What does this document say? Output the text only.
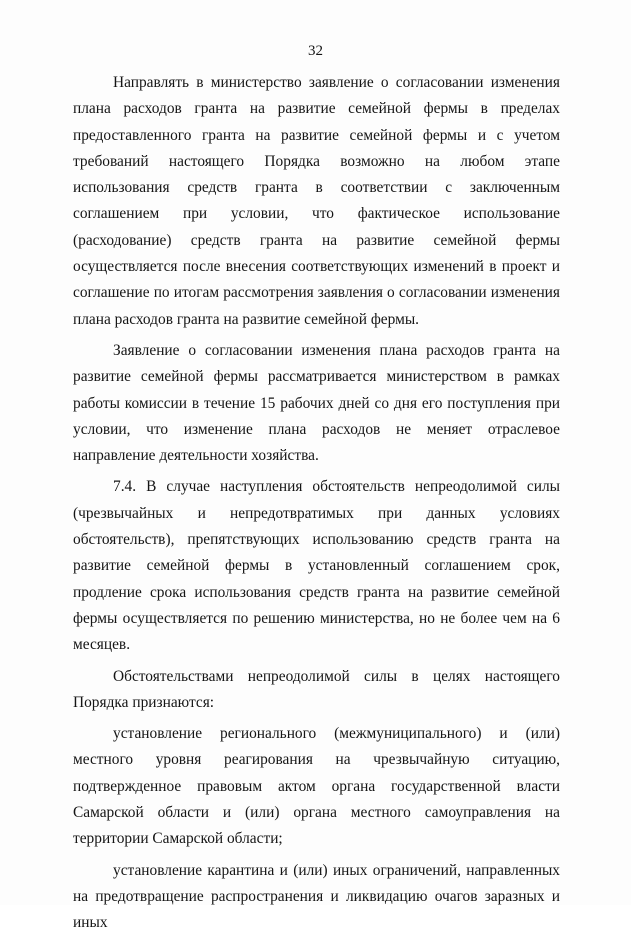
32

Направлять в министерство заявление о согласовании изменения плана расходов гранта на развитие семейной фермы в пределах предоставленного гранта на развитие семейной фермы и с учетом требований настоящего Порядка возможно на любом этапе использования средств гранта в соответствии с заключенным соглашением при условии, что фактическое использование (расходование) средств гранта на развитие семейной фермы осуществляется после внесения соответствующих изменений в проект и соглашение по итогам рассмотрения заявления о согласовании изменения плана расходов гранта на развитие семейной фермы.

Заявление о согласовании изменения плана расходов гранта на развитие семейной фермы рассматривается министерством в рамках работы комиссии в течение 15 рабочих дней со дня его поступления при условии, что изменение плана расходов не меняет отраслевое направление деятельности хозяйства.

7.4. В случае наступления обстоятельств непреодолимой силы (чрезвычайных и непредотвратимых при данных условиях обстоятельств), препятствующих использованию средств гранта на развитие семейной фермы в установленный соглашением срок, продление срока использования средств гранта на развитие семейной фермы осуществляется по решению министерства, но не более чем на 6 месяцев.

Обстоятельствами непреодолимой силы в целях настоящего Порядка признаются:

установление регионального (межмуниципального) и (или) местного уровня реагирования на чрезвычайную ситуацию, подтвержденное правовым актом органа государственной власти Самарской области и (или) органа местного самоуправления на территории Самарской области;

установление карантина и (или) иных ограничений, направленных на предотвращение распространения и ликвидацию очагов заразных и иных
